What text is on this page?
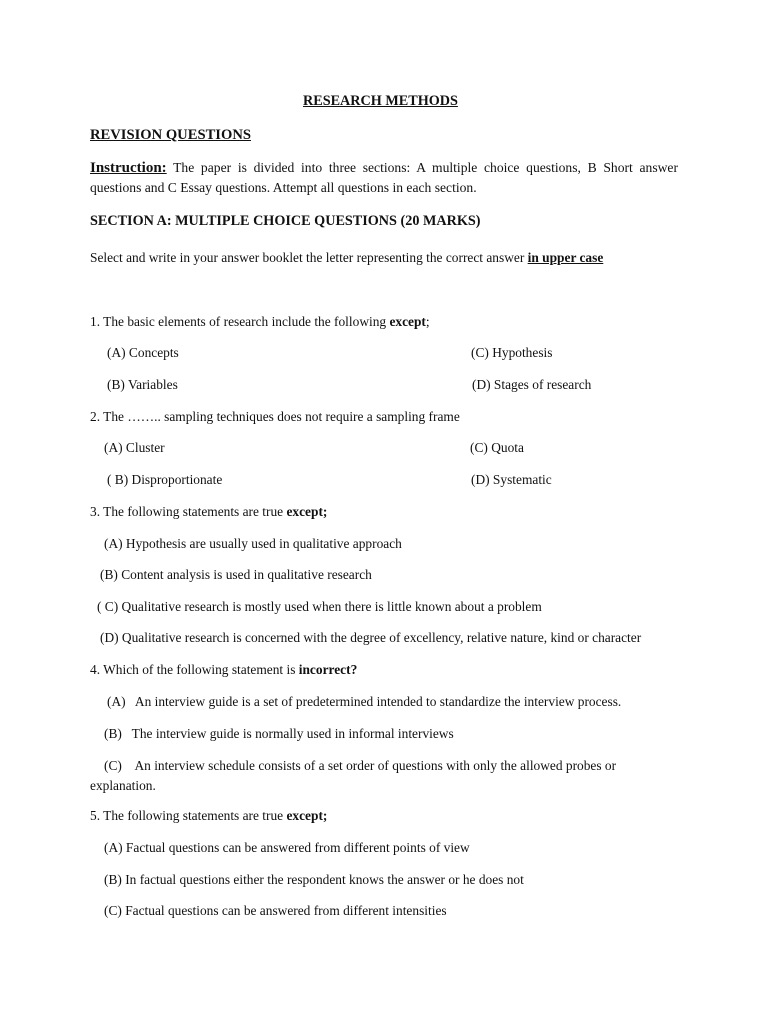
RESEARCH METHODS
REVISION QUESTIONS
Instruction: The paper is divided into three sections: A multiple choice questions, B Short answer questions and C Essay questions. Attempt all questions in each section.
SECTION A: MULTIPLE CHOICE QUESTIONS (20 MARKS)
Select and write in your answer booklet the letter representing the correct answer in upper case
1. The basic elements of research include the following except;
(A) Concepts	(C) Hypothesis
(B) Variables	(D) Stages of research
2. The …….. sampling techniques does not require a sampling frame
(A) Cluster	(C) Quota
( B) Disproportionate	(D) Systematic
3. The following statements are true except;
(A) Hypothesis are usually used in qualitative approach
(B) Content analysis is used in qualitative research
( C) Qualitative research is mostly used when there is little known about a problem
(D) Qualitative research is concerned with the degree of excellency, relative nature, kind or character
4. Which of the following statement is incorrect?
(A)   An interview guide is a set of predetermined intended to standardize the interview process.
(B)   The interview guide is normally used in informal interviews
(C)    An interview schedule consists of a set order of questions with only the allowed probes or explanation.
5. The following statements are true except;
(A) Factual questions can be answered from different points of view
(B) In factual questions either the respondent knows the answer or he does not
(C) Factual questions can be answered from different intensities
